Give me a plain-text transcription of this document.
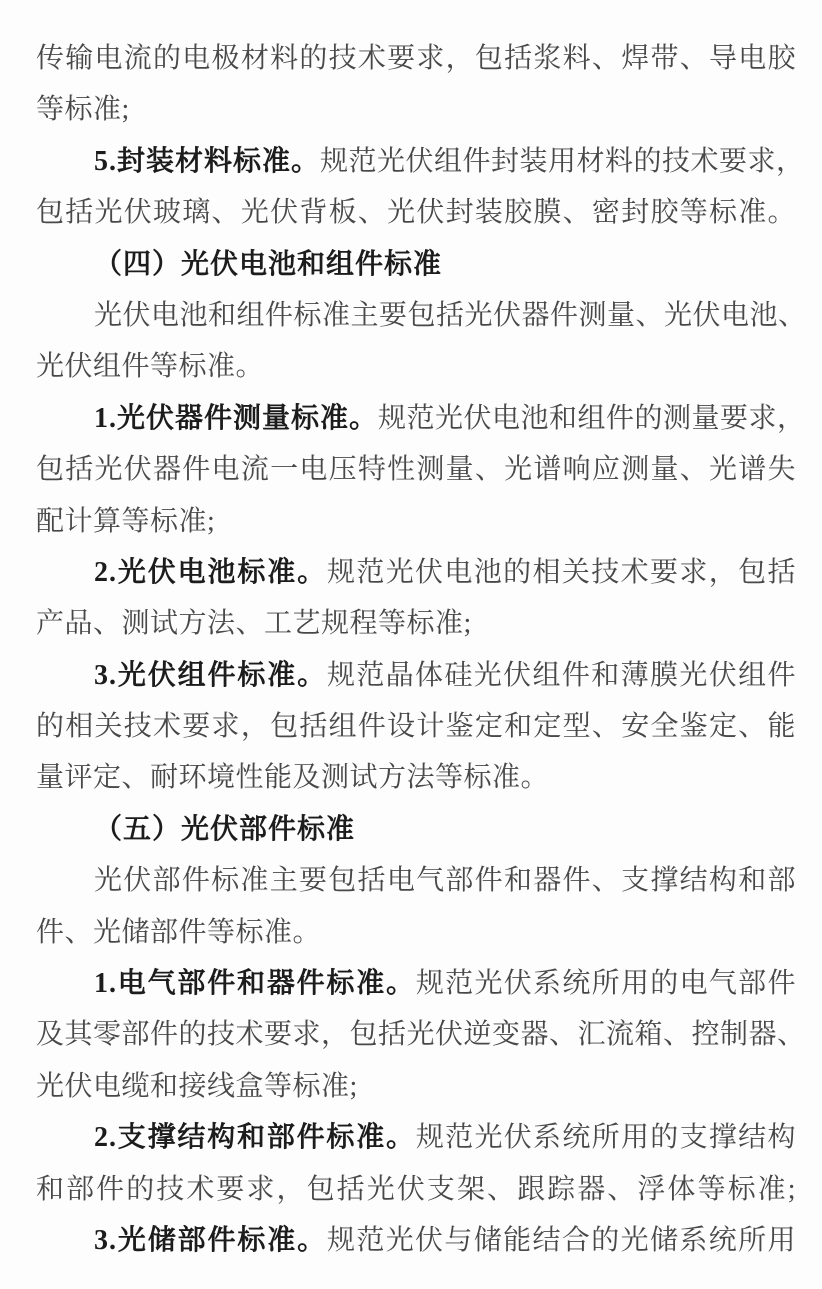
传输电流的电极材料的技术要求，包括浆料、焊带、导电胶
等标准;
5.封装材料标准。规范光伏组件封装用材料的技术要求，
包括光伏玻璃、光伏背板、光伏封装胶膜、密封胶等标准。
（四）光伏电池和组件标准
光伏电池和组件标准主要包括光伏器件测量、光伏电池、
光伏组件等标准。
1.光伏器件测量标准。规范光伏电池和组件的测量要求，
包括光伏器件电流一电压特性测量、光谱响应测量、光谱失
配计算等标准;
2.光伏电池标准。规范光伏电池的相关技术要求，包括
产品、测试方法、工艺规程等标准;
3.光伏组件标准。规范晶体硅光伏组件和薄膜光伏组件
的相关技术要求，包括组件设计鉴定和定型、安全鉴定、能
量评定、耐环境性能及测试方法等标准。
（五）光伏部件标准
光伏部件标准主要包括电气部件和器件、支撑结构和部
件、光储部件等标准。
1.电气部件和器件标准。规范光伏系统所用的电气部件
及其零部件的技术要求，包括光伏逆变器、汇流箱、控制器、
光伏电缆和接线盒等标准;
2.支撑结构和部件标准。规范光伏系统所用的支撑结构
和部件的技术要求，包括光伏支架、跟踪器、浮体等标准;
3.光储部件标准。规范光伏与储能结合的光储系统所用
